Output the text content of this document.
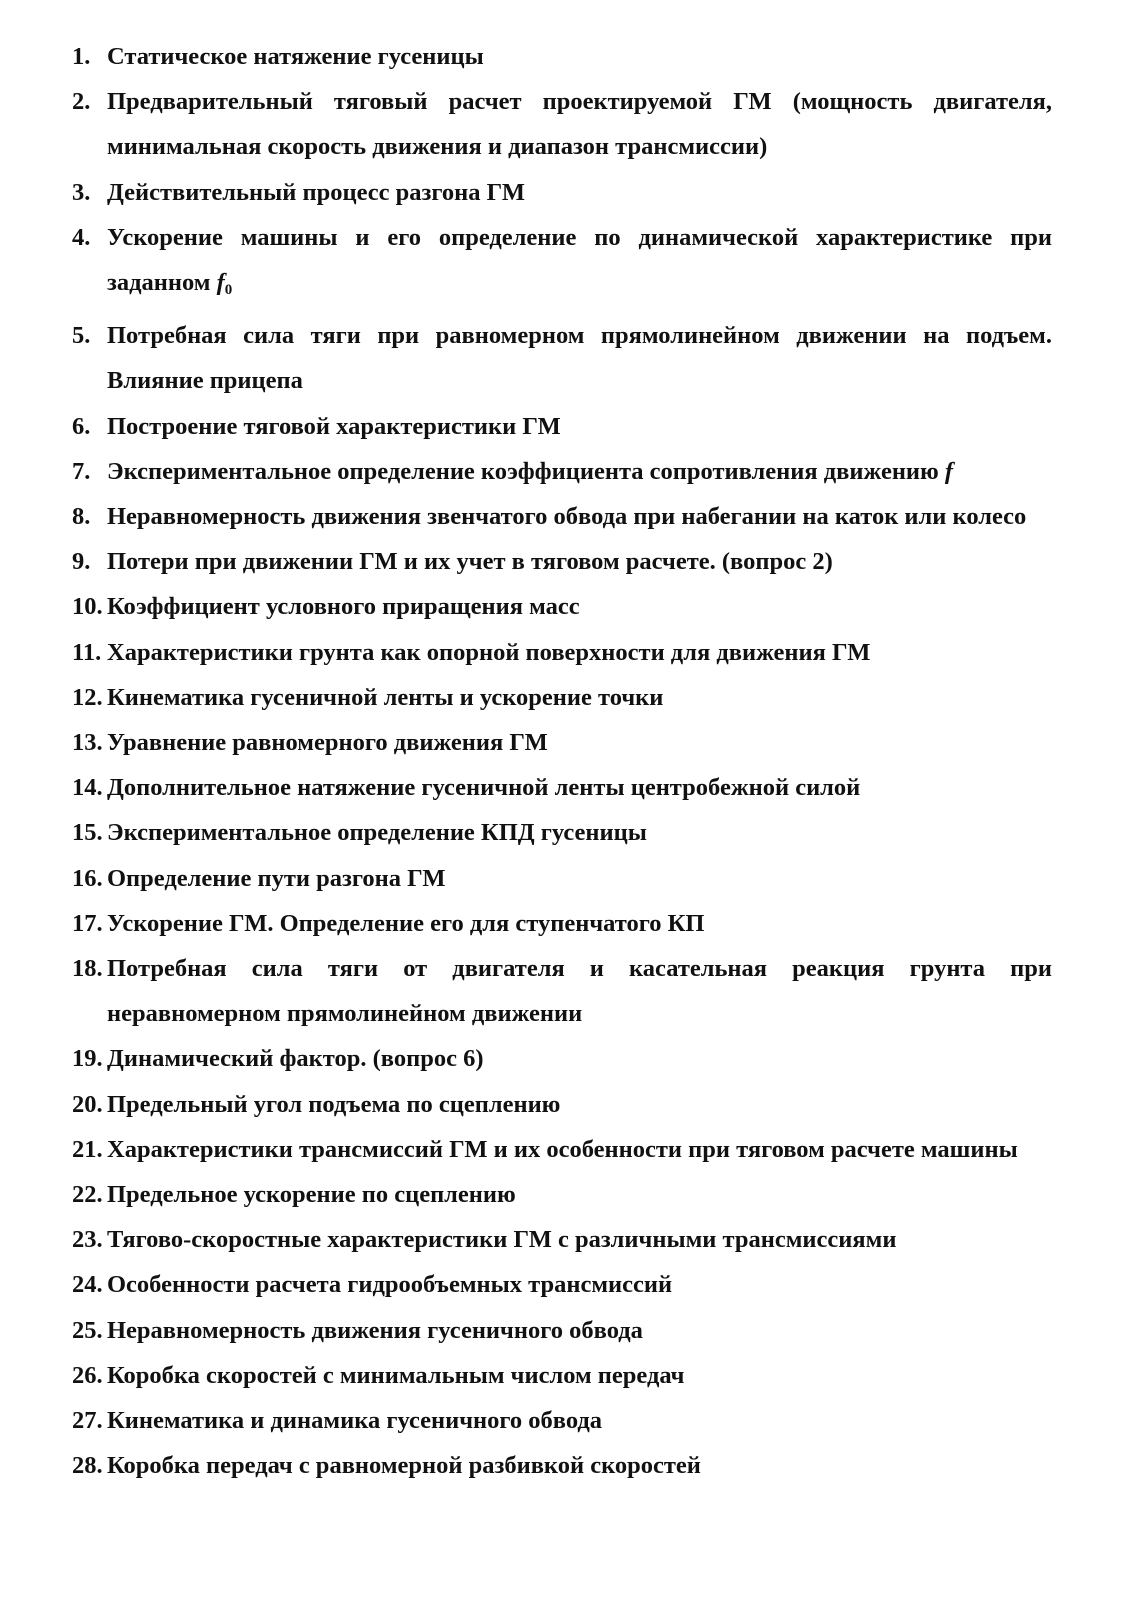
1. Статическое натяжение гусеницы
2. Предварительный тяговый расчет проектируемой ГМ (мощность двигателя, минимальная скорость движения и диапазон трансмиссии)
3. Действительный процесс разгона ГМ
4. Ускорение машины и его определение по динамической характеристике при заданном $f_0$
5. Потребная сила тяги при равномерном прямолинейном движении на подъем. Влияние прицепа
6. Построение тяговой характеристики ГМ
7. Экспериментальное определение коэффициента сопротивления движению f
8. Неравномерность движения звенчатого обвода при набегании на каток или колесо
9. Потери при движении ГМ и их учет в тяговом расчете. (вопрос 2)
10. Коэффициент условного приращения масс
11. Характеристики грунта как опорной поверхности для движения ГМ
12. Кинематика гусеничной ленты и ускорение точки
13. Уравнение равномерного движения ГМ
14. Дополнительное натяжение гусеничной ленты центробежной силой
15. Экспериментальное определение КПД гусеницы
16. Определение пути разгона ГМ
17. Ускорение ГМ. Определение его для ступенчатого КП
18. Потребная сила тяги от двигателя и касательная реакция грунта при неравномерном прямолинейном движении
19. Динамический фактор. (вопрос 6)
20. Предельный угол подъема по сцеплению
21. Характеристики трансмиссий ГМ и их особенности при тяговом расчете машины
22. Предельное ускорение по сцеплению
23. Тягово-скоростные характеристики ГМ с различными трансмиссиями
24. Особенности расчета гидрообъемных трансмиссий
25. Неравномерность движения гусеничного обвода
26. Коробка скоростей с минимальным числом передач
27. Кинематика и динамика гусеничного обвода
28. Коробка передач с равномерной разбивкой скоростей
